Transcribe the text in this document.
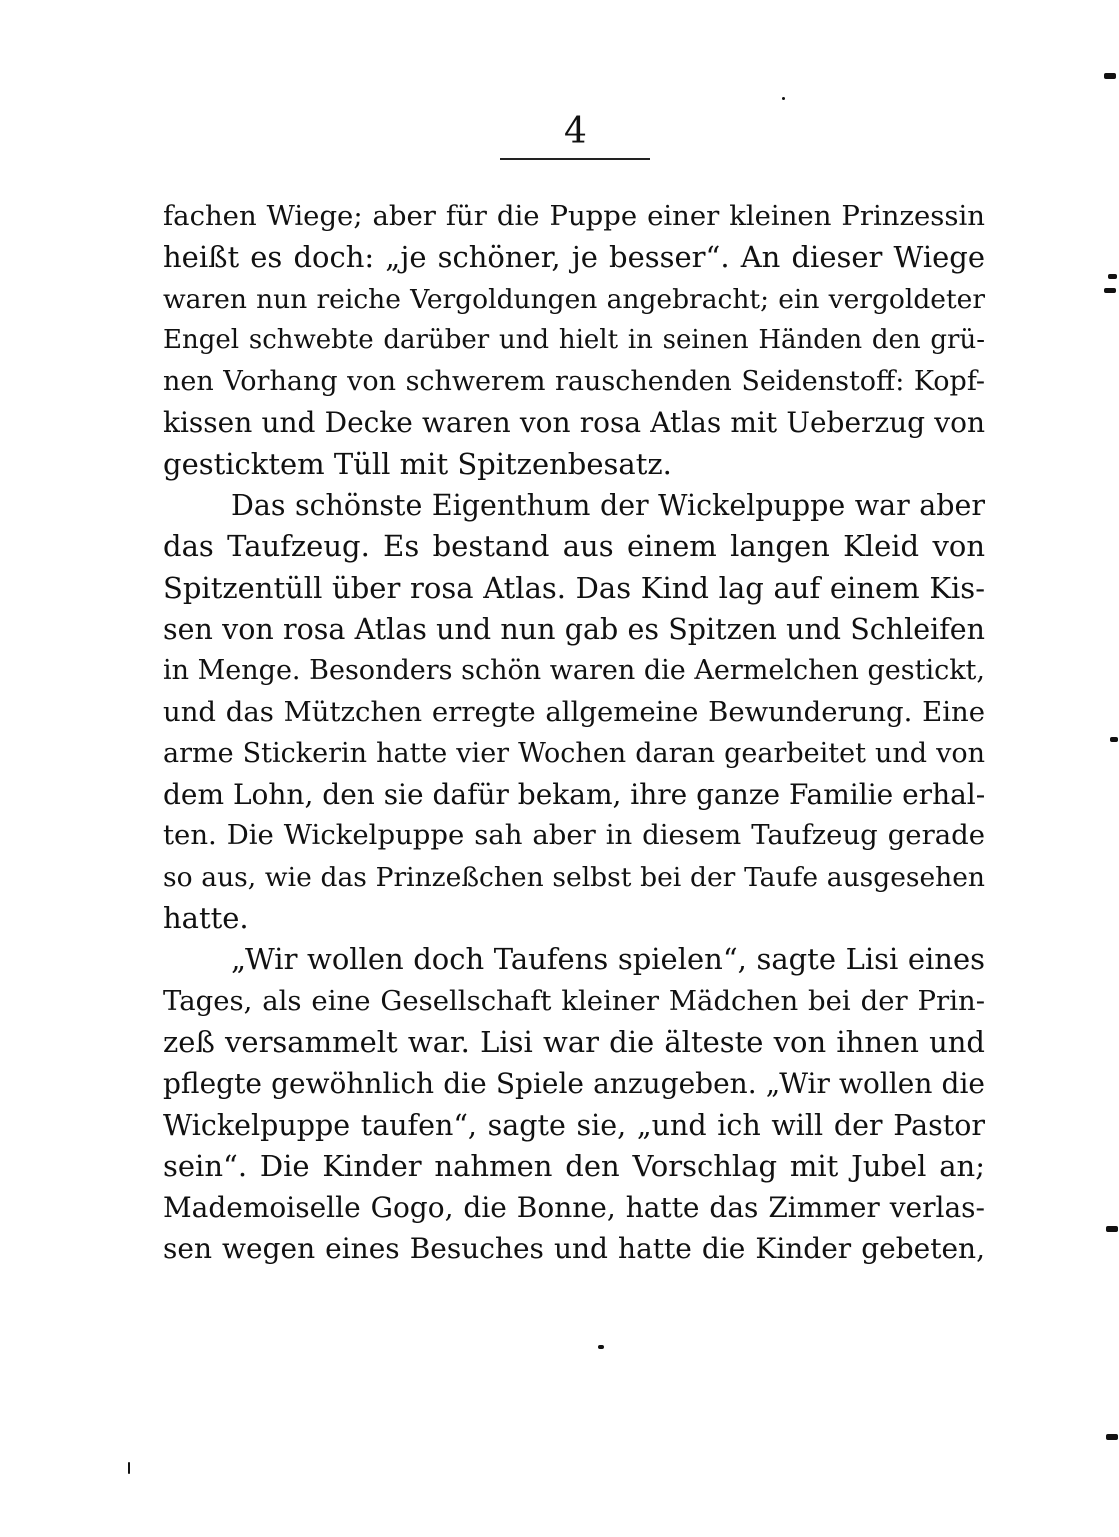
4
fachen Wiege; aber für die Puppe einer kleinen Prinzessin
heißt es doch: „je schöner, je besser“. An dieser Wiege
waren nun reiche Vergoldungen angebracht; ein vergoldeter
Engel schwebte darüber und hielt in seinen Händen den grü-
nen Vorhang von schwerem rauschenden Seidenstoff: Kopf-
kissen und Decke waren von rosa Atlas mit Ueberzug von
gesticktem Tüll mit Spitzenbesatz.
Das schönste Eigenthum der Wickelpuppe war aber
das Taufzeug. Es bestand aus einem langen Kleid von
Spitzentüll über rosa Atlas. Das Kind lag auf einem Kis-
sen von rosa Atlas und nun gab es Spitzen und Schleifen
in Menge. Besonders schön waren die Aermelchen gestickt,
und das Mützchen erregte allgemeine Bewunderung. Eine
arme Stickerin hatte vier Wochen daran gearbeitet und von
dem Lohn, den sie dafür bekam, ihre ganze Familie erhal-
ten. Die Wickelpuppe sah aber in diesem Taufzeug gerade
so aus, wie das Prinzeßchen selbst bei der Taufe ausgesehen
hatte.
„Wir wollen doch Taufens spielen“, sagte Lisi eines
Tages, als eine Gesellschaft kleiner Mädchen bei der Prin-
zeß versammelt war. Lisi war die älteste von ihnen und
pflegte gewöhnlich die Spiele anzugeben. „Wir wollen die
Wickelpuppe taufen“, sagte sie, „und ich will der Pastor
sein“. Die Kinder nahmen den Vorschlag mit Jubel an;
Mademoiselle Gogo, die Bonne, hatte das Zimmer verlas-
sen wegen eines Besuches und hatte die Kinder gebeten,
